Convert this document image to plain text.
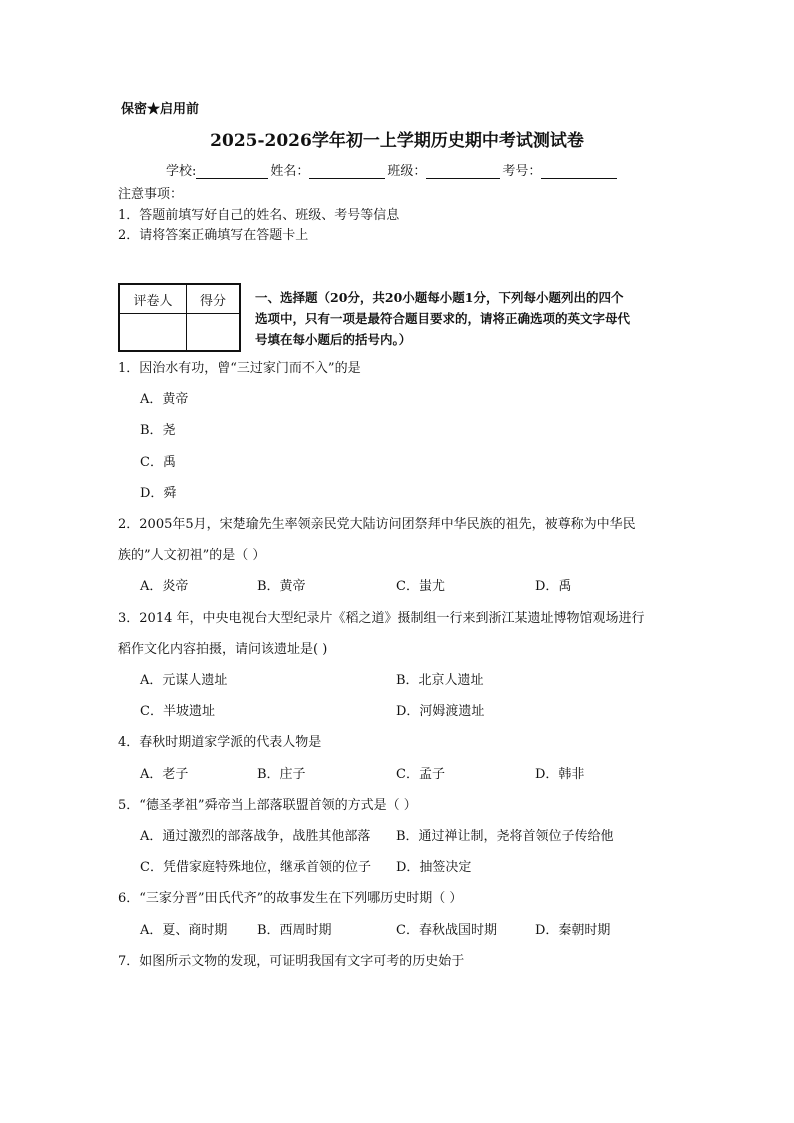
保密★启用前
2025-2026学年初一上学期历史期中考试测试卷
学校:	姓名：	班级：	考号：
注意事项：
1．答题前填写好自己的姓名、班级、考号等信息
2．请将答案正确填写在答题卡上
评卷人	得分
	一、选择题（20分，共20小题每小题1分，下列每小题列出的四个
选项中，只有一项是最符合题目要求的，请将正确选项的英文字母代
号填在每小题后的括号内。）
1．因治水有功，曾“三过家门而不入”的是
A．黄帝
B．尧
C．禹
D．舜
2．2005年5月，宋楚瑜先生率领亲民党大陆访问团祭拜中华民族的祖先，被尊称为中华民
族的”人文初祖”的是（ ）
A．炎帝	B．黄帝	C．蚩尤	D．禹
3．2014 年，中央电视台大型纪录片《稻之道》摄制组一行来到浙江某遗址博物馆观场进行
稻作文化内容拍摄，请问该遗址是( )
A．元谋人遗址	B．北京人遗址
C．半坡遗址	D．河姆渡遗址
4．春秋时期道家学派的代表人物是
A．老子	B．庄子	C．孟子	D．韩非
5．“德圣孝祖”舜帝当上部落联盟首领的方式是（ ）
A．通过激烈的部落战争，战胜其他部落 B．通过禅让制，尧将首领位子传给他
C．凭借家庭特殊地位，继承首领的位子 D．抽签决定
6．“三家分晋”田氏代齐”的故事发生在下列哪历史时期（ ）
A．夏、商时期 B．西周时期	C．春秋战国时期	D．秦朝时期
7．如图所示文物的发现，可证明我国有文字可考的历史始于
